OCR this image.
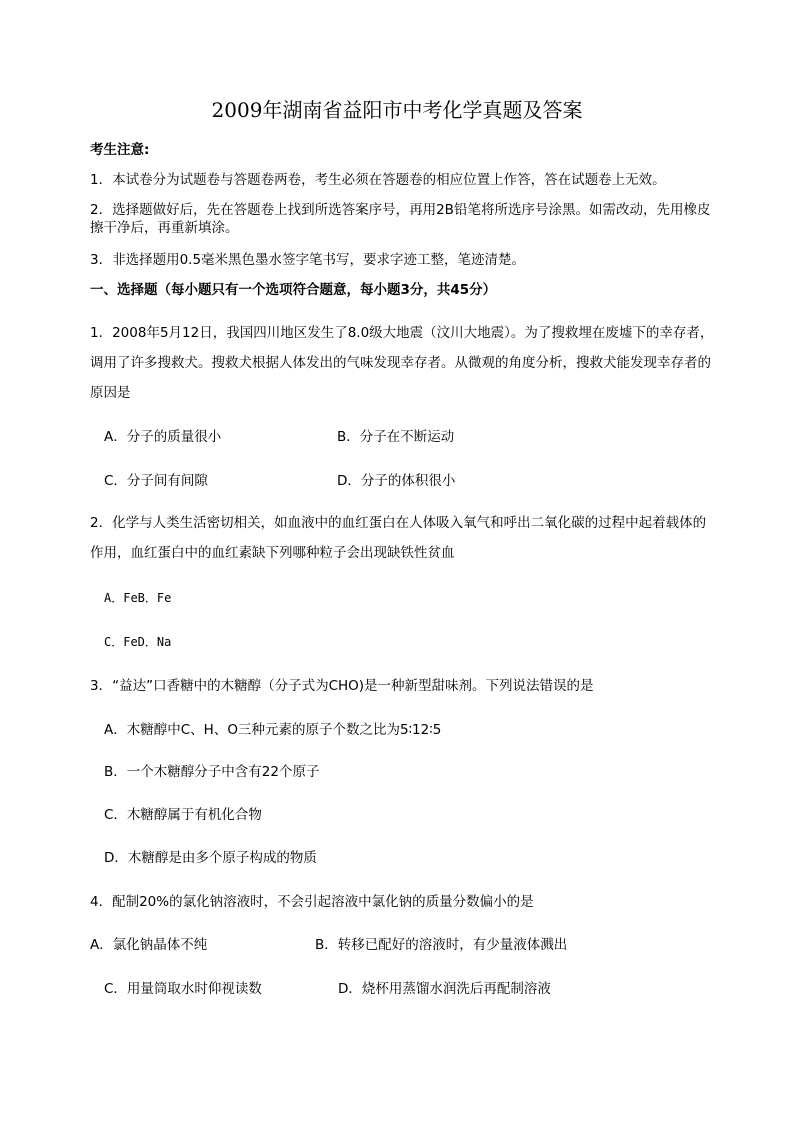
2009年湖南省益阳市中考化学真题及答案
考生注意:
1．本试卷分为试题卷与答题卷两卷，考生必须在答题卷的相应位置上作答，答在试题卷上无效。
2．选择题做好后，先在答题卷上找到所选答案序号，再用2B铅笔将所选序号涂黑。如需改动，先用橡皮
擦干净后，再重新填涂。
3．非选择题用0.5毫米黑色墨水签字笔书写，要求字迹工整，笔迹清楚。
一、选择题（每小题只有一个选项符合题意，每小题3分，共45分）
1．2008年5月12日，我国四川地区发生了8.0级大地震（汶川大地震）。为了搜救埋在废墟下的幸存者，
调用了许多搜救犬。搜救犬根据人体发出的气味发现幸存者。从微观的角度分析，搜救犬能发现幸存者的
原因是
A．分子的质量很小	B．分子在不断运动
C．分子间有间隙	D．分子的体积很小
2．化学与人类生活密切相关，如血液中的血红蛋白在人体吸入氧气和呼出二氧化碳的过程中起着载体的
作用，血红蛋白中的血红素缺下列哪种粒子会出现缺铁性贫血
A．FeB．Fe
C．FeD．Na
3．“益达”口香糖中的木糖醇（分子式为CHO)是一种新型甜味剂。下列说法错误的是
A．木糖醇中C、H、O三种元素的原子个数之比为5∶12∶5
B．一个木糖醇分子中含有22个原子
C．木糖醇属于有机化合物
D．木糖醇是由多个原子构成的物质
4．配制20%的氯化钠溶液时，不会引起溶液中氯化钠的质量分数偏小的是
A．氯化钠晶体不纯	B．转移已配好的溶液时，有少量液体溅出
C．用量筒取水时仰视读数	D．烧杯用蒸馏水润洗后再配制溶液
